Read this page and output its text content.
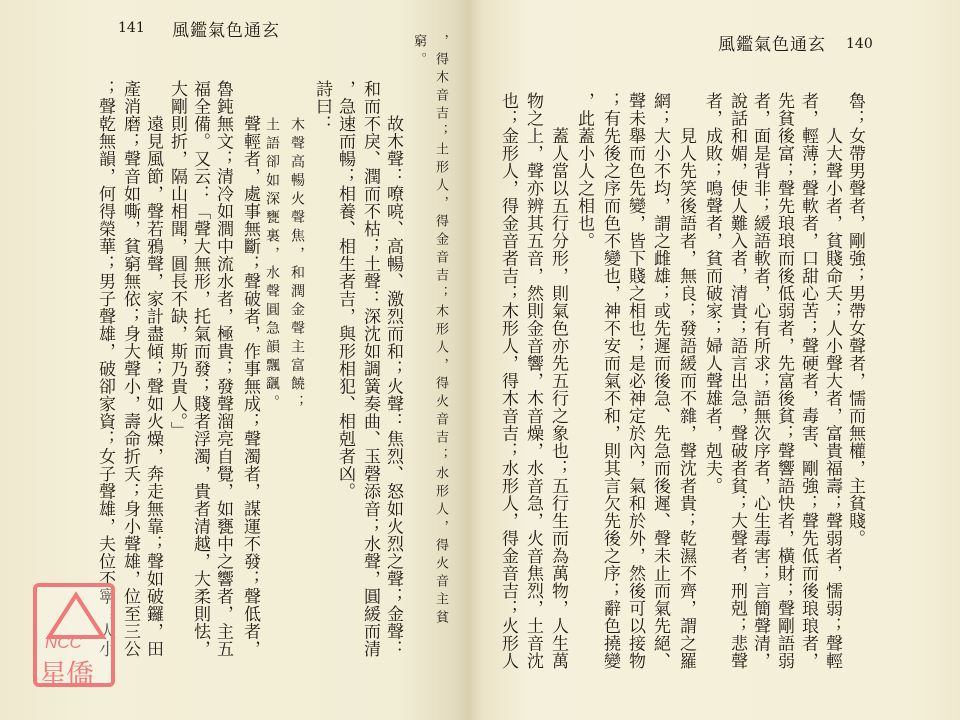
141 風鑑氣色通玄
，得木音吉；土形人，得金音吉；木形人，得火音吉；水形人，得火音主貧
窮。
　　故木聲：嘹喨、高暢、激烈而和；火聲：焦烈、怒如火烈之聲；金聲：
和而不戾、潤而不枯；土聲：深沈如調簧奏曲、玉磬添音；水聲，圓緩而清
，急速而暢；相養、相生者吉，與形相犯、相剋者凶。
詩曰：
　　木聲高暢火聲焦，和潤金聲主富饒；
　　土語卻如深甕裏，水聲圓急韻飄颻。
　　聲輕者，處事無斷；聲破者，作事無成；聲濁者，謀運不發；聲低者，
魯鈍無文；清冷如澗中流水者，極貴；發聲溜亮自覺，如甕中之響者，主五
福全備。又云：「聲大無形，托氣而發；賤者浮濁，貴者清越，大柔則怯，
大剛則折，隔山相聞，圓長不缺，斯乃貴人。」
　　遠見風節，聲若鴉聲，家計盡傾；聲如火燥，奔走無靠；聲如破鑼，田
產消磨；聲音如嘶，貧窮無依；身大聲小，壽命折夭；身小聲雄，位至三公
；聲乾無韻，何得榮華；男子聲雄，破卻家資；女子聲雄，夫位不寧；人小
風鑑氣色通玄 140
魯；女帶男聲者，剛強；男帶女聲者，懦而無權，主貧賤。
　　人大聲小者，貧賤命夭；人小聲大者，富貴福壽；聲弱者，懦弱；聲輕
者，輕薄；聲軟者，口甜心苦；聲硬者，毒害、剛強；聲先低而後琅琅者，
先貧後富；聲先琅琅而後低弱者，先富後貧；聲響語快者，橫財；聲剛語弱
者，面是背非；緩語軟者，心有所求；語無次序者，心生毒害；言簡聲清，
說話和媚，使人難入者，清貴；語言出急，聲破者貧；大聲者，刑剋；悲聲
者，成敗；鳴聲者，貧而破家；婦人聲雄者，剋夫。
　　見人先笑後語者，無良；發語緩而不雜，聲沈者貴；乾濕不齊，謂之羅
網；大小不均，謂之雌雄；或先遲而後急、先急而後遲、聲未止而氣先絕、
聲未舉而色先變，皆下賤之相也；是必神定於內，氣和於外，然後可以接物
；有先後之序而色不變也，神不安而氣不和，則其言欠先後之序；辭色撓變
，此蓋小人之相也。
　　蓋人當以五行分形，則氣色亦先五行之象也；五行生而為萬物，人生萬
物之上，聲亦辨其五音，然則金音響，木音燥，水音急，火音焦烈，土音沈
也；金形人，得金音者吉；木形人，得木音吉；水形人，得金音吉；火形人
NCC
星僑
